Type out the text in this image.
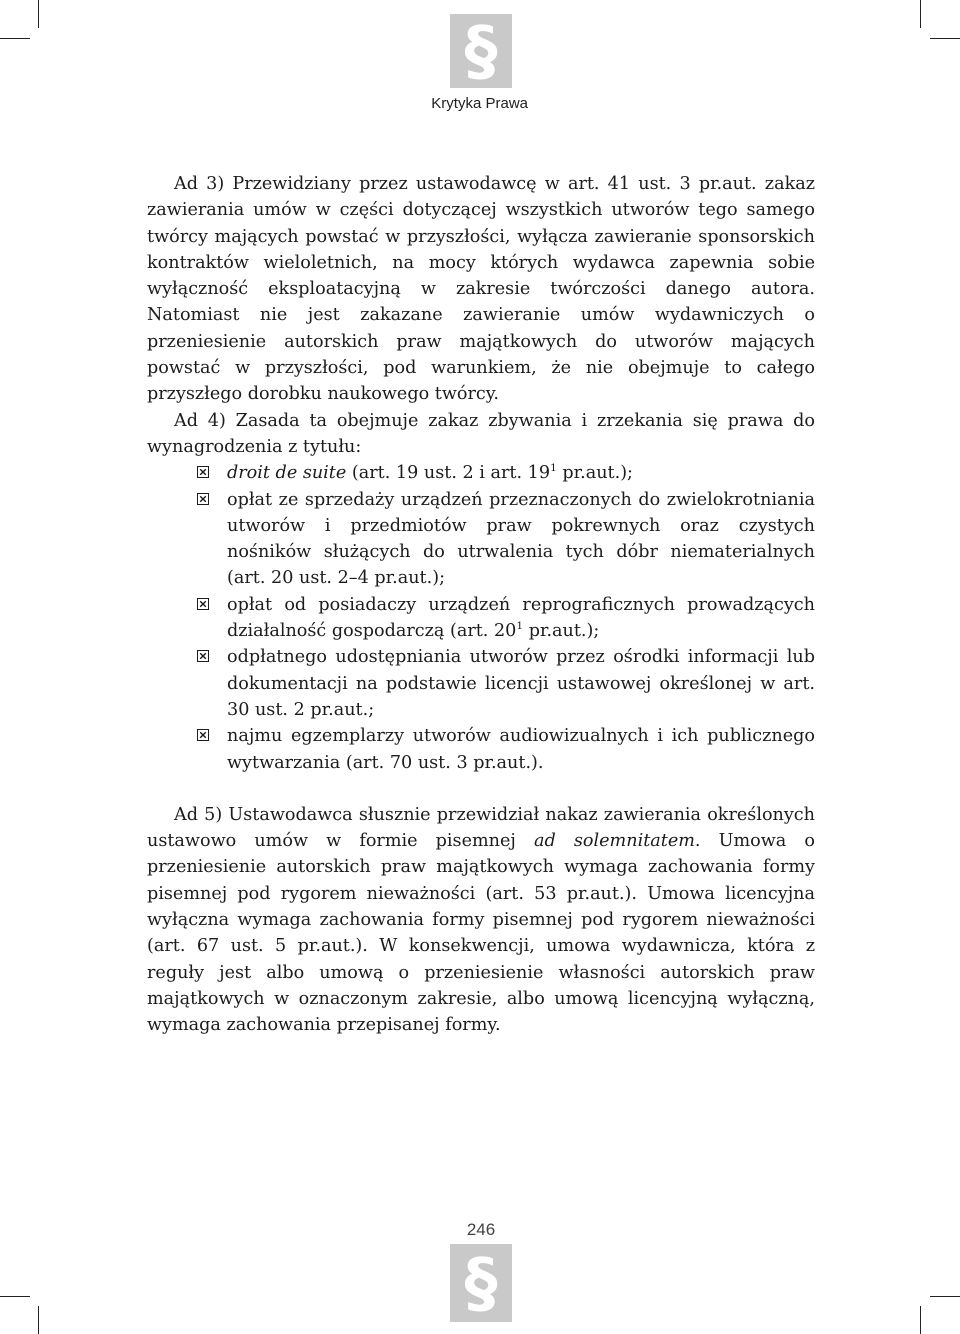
§
Krytyka Prawa

Ad 3) Przewidziany przez ustawodawcę w art. 41 ust. 3 pr.aut. zakaz zawierania umów w części dotyczącej wszystkich utworów tego samego twórcy mających powstać w przyszłości, wyłącza zawieranie sponsorskich kontraktów wieloletnich, na mocy których wydawca zapewnia sobie wyłączność eksploatacyjną w zakresie twórczości danego autora. Natomiast nie jest zakazane zawieranie umów wydawniczych o przeniesienie autorskich praw majątkowych do utworów mających powstać w przyszłości, pod warunkiem, że nie obejmuje to całego przyszłego dorobku naukowego twórcy.

Ad 4) Zasada ta obejmuje zakaz zbywania i zrzekania się prawa do wynagrodzenia z tytułu:

droit de suite (art. 19 ust. 2 i art. $19^1$ pr.aut.);
opłat ze sprzedaży urządzeń przeznaczonych do zwielokrotniania utworów i przedmiotów praw pokrewnych oraz czystych nośników służących do utrwalenia tych dóbr niematerialnych (art. 20 ust. 2–4 pr.aut.);
opłat od posiadaczy urządzeń reprograficznych prowadzących działalność gospodarczą (art. $20^1$ pr.aut.);
odpłatnego udostępniania utworów przez ośrodki informacji lub dokumentacji na podstawie licencji ustawowej określonej w art. 30 ust. 2 pr.aut.;
najmu egzemplarzy utworów audiowizualnych i ich publicznego wytwarzania (art. 70 ust. 3 pr.aut.).

Ad 5) Ustawodawca słusznie przewidział nakaz zawierania określonych ustawowo umów w formie pisemnej ad solemnitatem. Umowa o przeniesienie autorskich praw majątkowych wymaga zachowania formy pisemnej pod rygorem nieważności (art. 53 pr.aut.). Umowa licencyjna wyłączna wymaga zachowania formy pisemnej pod rygorem nieważności (art. 67 ust. 5 pr.aut.). W konsekwencji, umowa wydawnicza, która z reguły jest albo umową o przeniesienie własności autorskich praw majątkowych w oznaczonym zakresie, albo umową licencyjną wyłączną, wymaga zachowania przepisanej formy.

246
§
